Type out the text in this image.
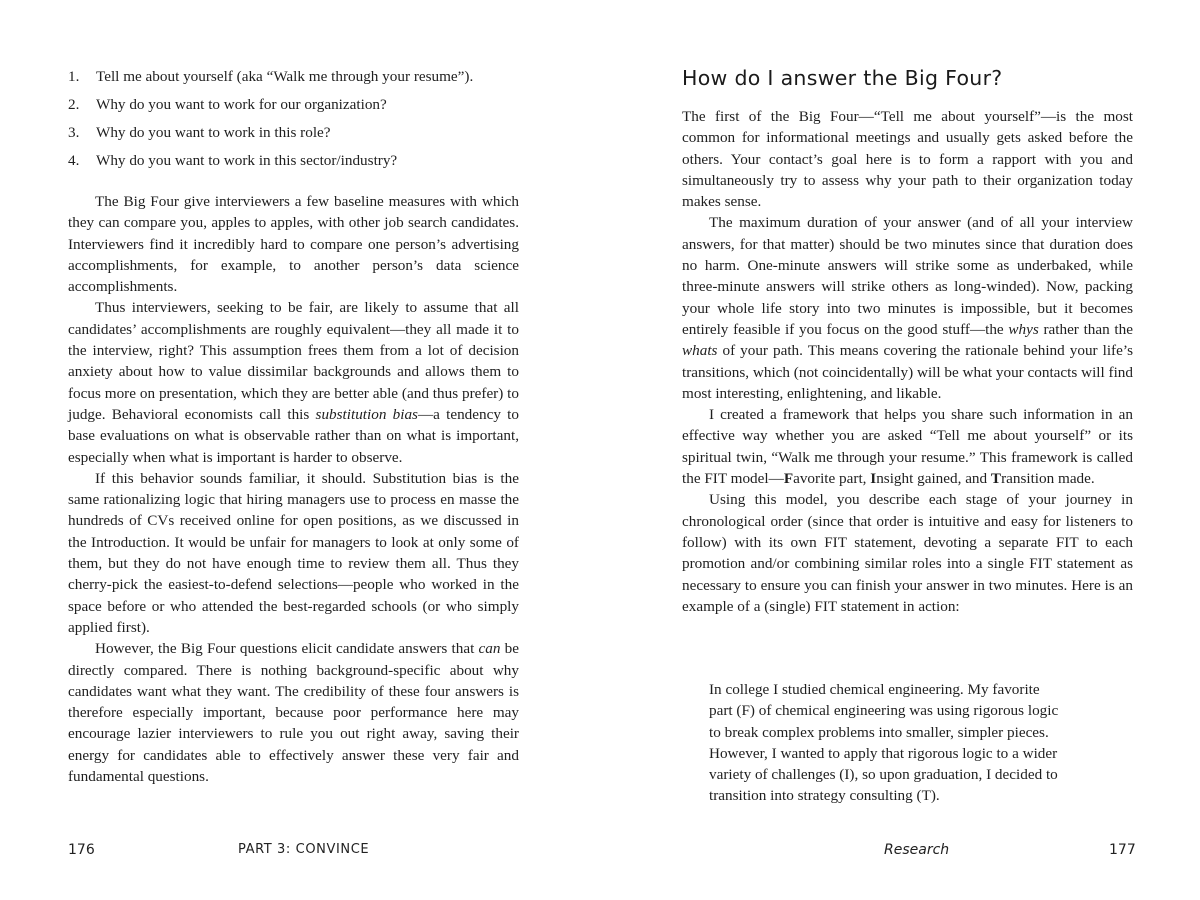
1.	Tell me about yourself (aka “Walk me through your resume”).
2.	Why do you want to work for our organization?
3.	Why do you want to work in this role?
4.	Why do you want to work in this sector/industry?

The Big Four give interviewers a few baseline measures with which they can compare you, apples to apples, with other job search candidates. Interviewers find it incredibly hard to compare one person’s advertising accomplishments, for example, to another person’s data science accomplishments.

Thus interviewers, seeking to be fair, are likely to assume that all candidates’ accomplishments are roughly equivalent—they all made it to the interview, right? This assumption frees them from a lot of decision anxiety about how to value dissimilar backgrounds and allows them to focus more on presentation, which they are better able (and thus prefer) to judge. Behavioral economists call this substitution bias—a tendency to base evaluations on what is observable rather than on what is important, especially when what is important is harder to observe.

If this behavior sounds familiar, it should. Substitution bias is the same rationalizing logic that hiring managers use to process en masse the hundreds of CVs received online for open positions, as we discussed in the Introduction. It would be unfair for managers to look at only some of them, but they do not have enough time to review them all. Thus they cherry-pick the easiest-to-defend selections—people who worked in the space before or who attended the best-regarded schools (or who simply applied first).

However, the Big Four questions elicit candidate answers that can be directly compared. There is nothing background-specific about why candidates want what they want. The credibility of these four answers is therefore especially important, because poor performance here may encourage lazier interviewers to rule you out right away, saving their energy for candidates able to effectively answer these very fair and fundamental questions.

176	PART 3: CONVINCE
How do I answer the Big Four?

The first of the Big Four—“Tell me about yourself”—is the most common for informational meetings and usually gets asked before the others. Your contact’s goal here is to form a rapport with you and simultaneously try to assess why your path to their organization today makes sense.

The maximum duration of your answer (and of all your interview answers, for that matter) should be two minutes since that duration does no harm. One-minute answers will strike some as underbaked, while three-minute answers will strike others as long-winded). Now, packing your whole life story into two minutes is impossible, but it becomes entirely feasible if you focus on the good stuff—the whys rather than the whats of your path. This means covering the rationale behind your life’s transitions, which (not coincidentally) will be what your contacts will find most interesting, enlightening, and likable.

I created a framework that helps you share such information in an effective way whether you are asked “Tell me about yourself” or its spiritual twin, “Walk me through your resume.” This framework is called the FIT model—Favorite part, Insight gained, and Transition made.

Using this model, you describe each stage of your journey in chronological order (since that order is intuitive and easy for listeners to follow) with its own FIT statement, devoting a separate FIT to each promotion and/or combining similar roles into a single FIT statement as necessary to ensure you can finish your answer in two minutes. Here is an example of a (single) FIT statement in action:

In college I studied chemical engineering. My favorite
part (F) of chemical engineering was using rigorous logic
to break complex problems into smaller, simpler pieces.
However, I wanted to apply that rigorous logic to a wider
variety of challenges (I), so upon graduation, I decided to
transition into strategy consulting (T).
Research	177
